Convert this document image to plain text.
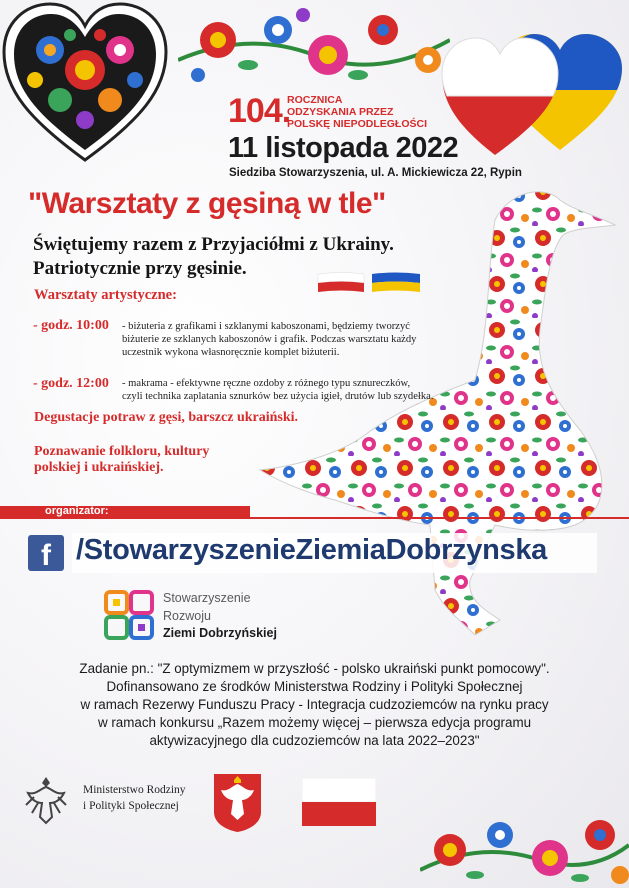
104.
ROCZNICA
ODZYSKANIA PRZEZ
POLSKĘ NIEPODLEGŁOŚCI
11 listopada 2022
Siedziba Stowarzyszenia, ul. A. Mickiewicza 22, Rypin
"Warsztaty z gęsiną w tle"
Świętujemy razem z Przyjaciółmi z Ukrainy.
Patriotycznie przy gęsinie.
Warsztaty artystyczne:
- godz. 10:00 - biżuteria z grafikami i szklanymi kaboszonami, będziemy tworzyć
biżuterie ze szklanych kaboszonów i grafik. Podczas warsztatu każdy
uczestnik wykona własnoręcznie komplet biżuterii.
- godz. 12:00 - makrama - efektywne ręczne ozdoby z różnego typu sznureczków,
czyli technika zaplatania sznurków bez użycia igieł, drutów lub szydełka.
Degustacje potraw z gęsi, barszcz ukraiński.
Poznawanie folkloru, kultury
polskiej i ukraińskiej.
organizator:
f /StowarzyszenieZiemiaDobrzynska
Stowarzyszenie
Rozwoju
Ziemi Dobrzyńskiej
Zadanie pn.: "Z optymizmem w przyszłość - polsko ukraiński punkt pomocowy".
Dofinansowano ze środków Ministerstwa Rodziny i Polityki Społecznej
w ramach Rezerwy Funduszu Pracy - Integracja cudzoziemców na rynku pracy
w ramach konkursu „Razem możemy więcej – pierwsza edycja programu
aktywizacyjnego dla cudzoziemców na lata 2022–2023"
Ministerstwo Rodziny
i Polityki Społecznej
